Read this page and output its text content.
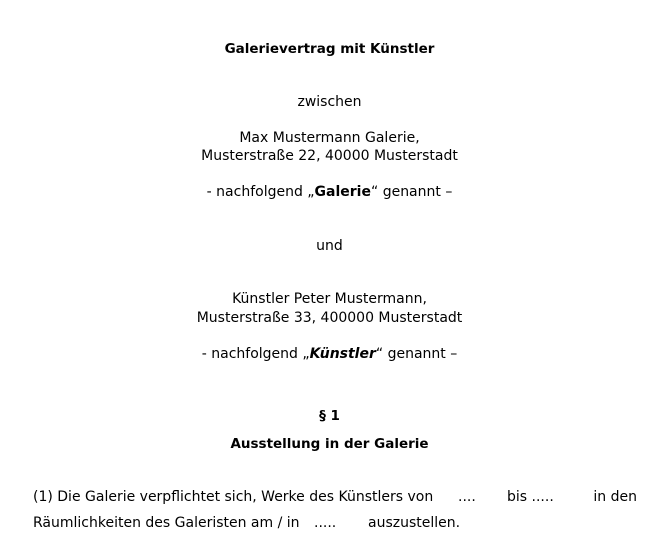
Galerievertrag mit Künstler
zwischen
Max Mustermann Galerie,
Musterstraße 22, 40000 Musterstadt
- nachfolgend „Galerie“ genannt –
und
Künstler Peter Mustermann,
Musterstraße 33, 400000 Musterstadt
- nachfolgend „Künstler“ genannt –
§ 1
Ausstellung in der Galerie
(1) Die Galerie verpflichtet sich, Werke des Künstlers von .... bis .....	in den
Räumlichkeiten des Galeristen am / in ..... auszustellen.
